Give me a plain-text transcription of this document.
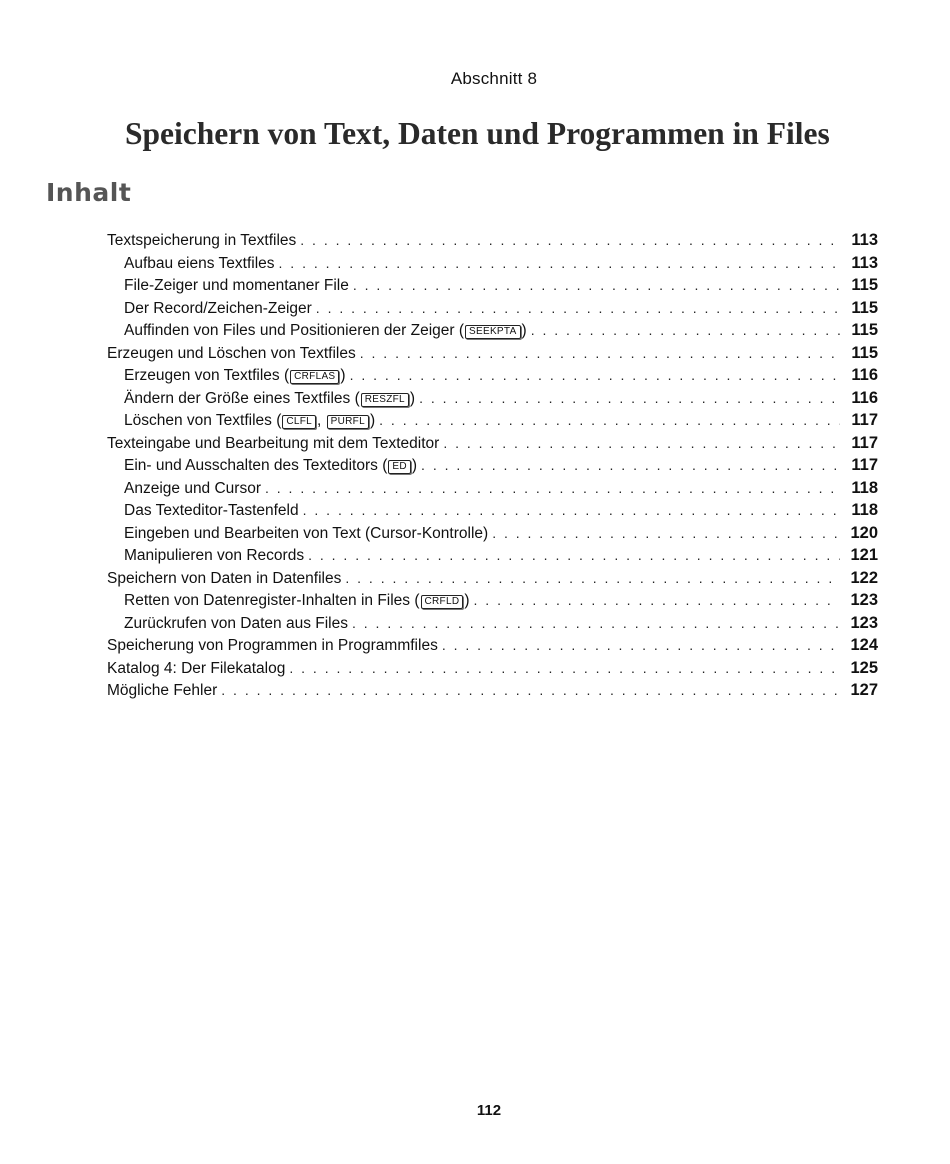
Abschnitt 8
Speichern von Text, Daten und Programmen in Files
Inhalt
Textspeicherung in Textfiles . . .	113
Aufbau eiens Textfiles . . .	113
File-Zeiger und momentaner File . . .	115
Der Record/Zeichen-Zeiger . . .	115
Auffinden von Files und Positionieren der Zeiger ( SEEKPTA ) . . .	115
Erzeugen und Löschen von Textfiles . . .	115
Erzeugen von Textfiles ( CRFLAS ) . . .	116
Ändern der Größe eines Textfiles ( RESZFL ) . . .	116
Löschen von Textfiles ( CLFL , PURFL ) . . .	117
Texteingabe und Bearbeitung mit dem Texteditor . . .	117
Ein- und Ausschalten des Texteditors ( ED ) . . .	117
Anzeige und Cursor . . .	118
Das Texteditor-Tastenfeld . . .	118
Eingeben und Bearbeiten von Text (Cursor-Kontrolle) . . .	120
Manipulieren von Records . . .	121
Speichern von Daten in Datenfiles . . .	122
Retten von Datenregister-Inhalten in Files ( CRFLD ) . . .	123
Zurückrufen von Daten aus Files . . .	123
Speicherung von Programmen in Programmfiles . . .	124
Katalog 4: Der Filekatalog . . .	125
Mögliche Fehler . . .	127
112
